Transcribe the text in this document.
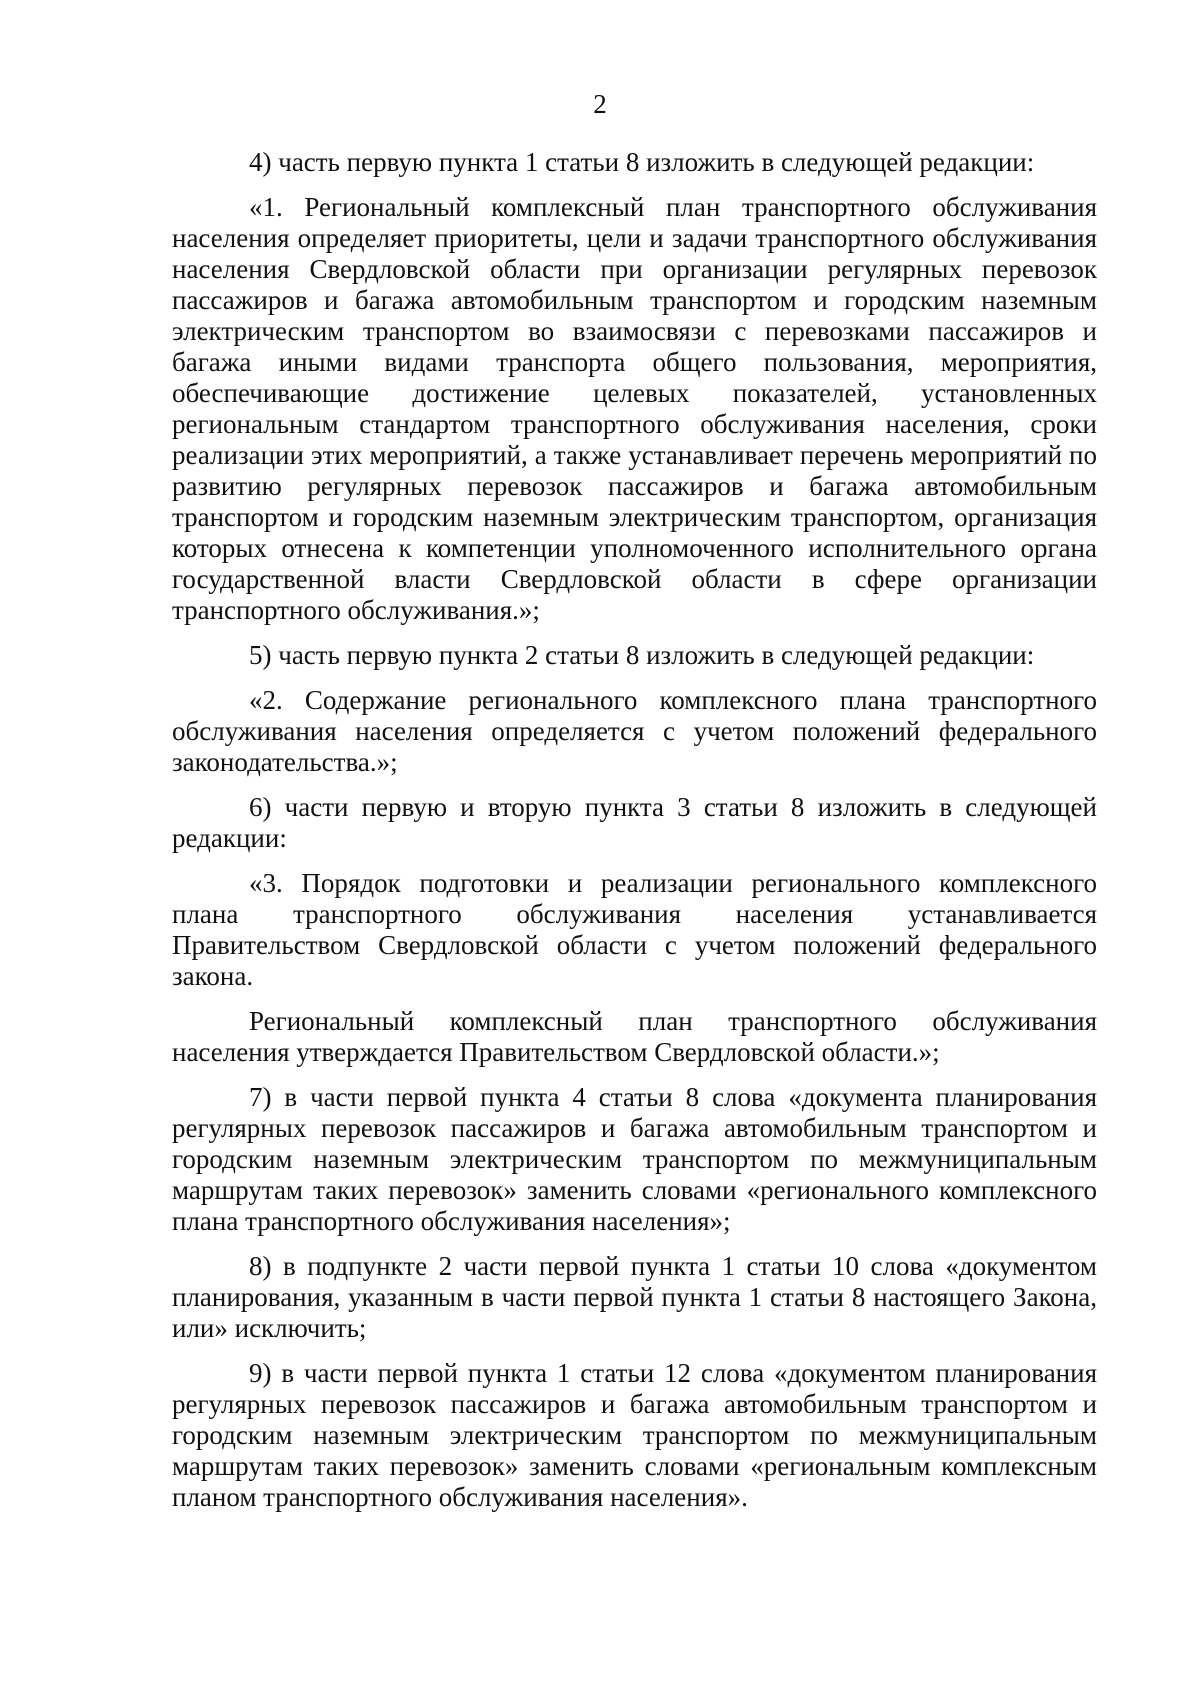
2

4) часть первую пункта 1 статьи 8 изложить в следующей редакции:

«1. Региональный комплексный план транспортного обслуживания населения определяет приоритеты, цели и задачи транспортного обслуживания населения Свердловской области при организации регулярных перевозок пассажиров и багажа автомобильным транспортом и городским наземным электрическим транспортом во взаимосвязи с перевозками пассажиров и багажа иными видами транспорта общего пользования, мероприятия, обеспечивающие достижение целевых показателей, установленных региональным стандартом транспортного обслуживания населения, сроки реализации этих мероприятий, а также устанавливает перечень мероприятий по развитию регулярных перевозок пассажиров и багажа автомобильным транспортом и городским наземным электрическим транспортом, организация которых отнесена к компетенции уполномоченного исполнительного органа государственной власти Свердловской области в сфере организации транспортного обслуживания.»;

5) часть первую пункта 2 статьи 8 изложить в следующей редакции:

«2. Содержание регионального комплексного плана транспортного обслуживания населения определяется с учетом положений федерального законодательства.»;

6) части первую и вторую пункта 3 статьи 8 изложить в следующей редакции:

«3. Порядок подготовки и реализации регионального комплексного плана транспортного обслуживания населения устанавливается Правительством Свердловской области с учетом положений федерального закона.

Региональный комплексный план транспортного обслуживания населения утверждается Правительством Свердловской области.»;

7) в части первой пункта 4 статьи 8 слова «документа планирования регулярных перевозок пассажиров и багажа автомобильным транспортом и городским наземным электрическим транспортом по межмуниципальным маршрутам таких перевозок» заменить словами «регионального комплексного плана транспортного обслуживания населения»;

8) в подпункте 2 части первой пункта 1 статьи 10 слова «документом планирования, указанным в части первой пункта 1 статьи 8 настоящего Закона, или» исключить;

9) в части первой пункта 1 статьи 12 слова «документом планирования регулярных перевозок пассажиров и багажа автомобильным транспортом и городским наземным электрическим транспортом по межмуниципальным маршрутам таких перевозок» заменить словами «региональным комплексным планом транспортного обслуживания населения».
